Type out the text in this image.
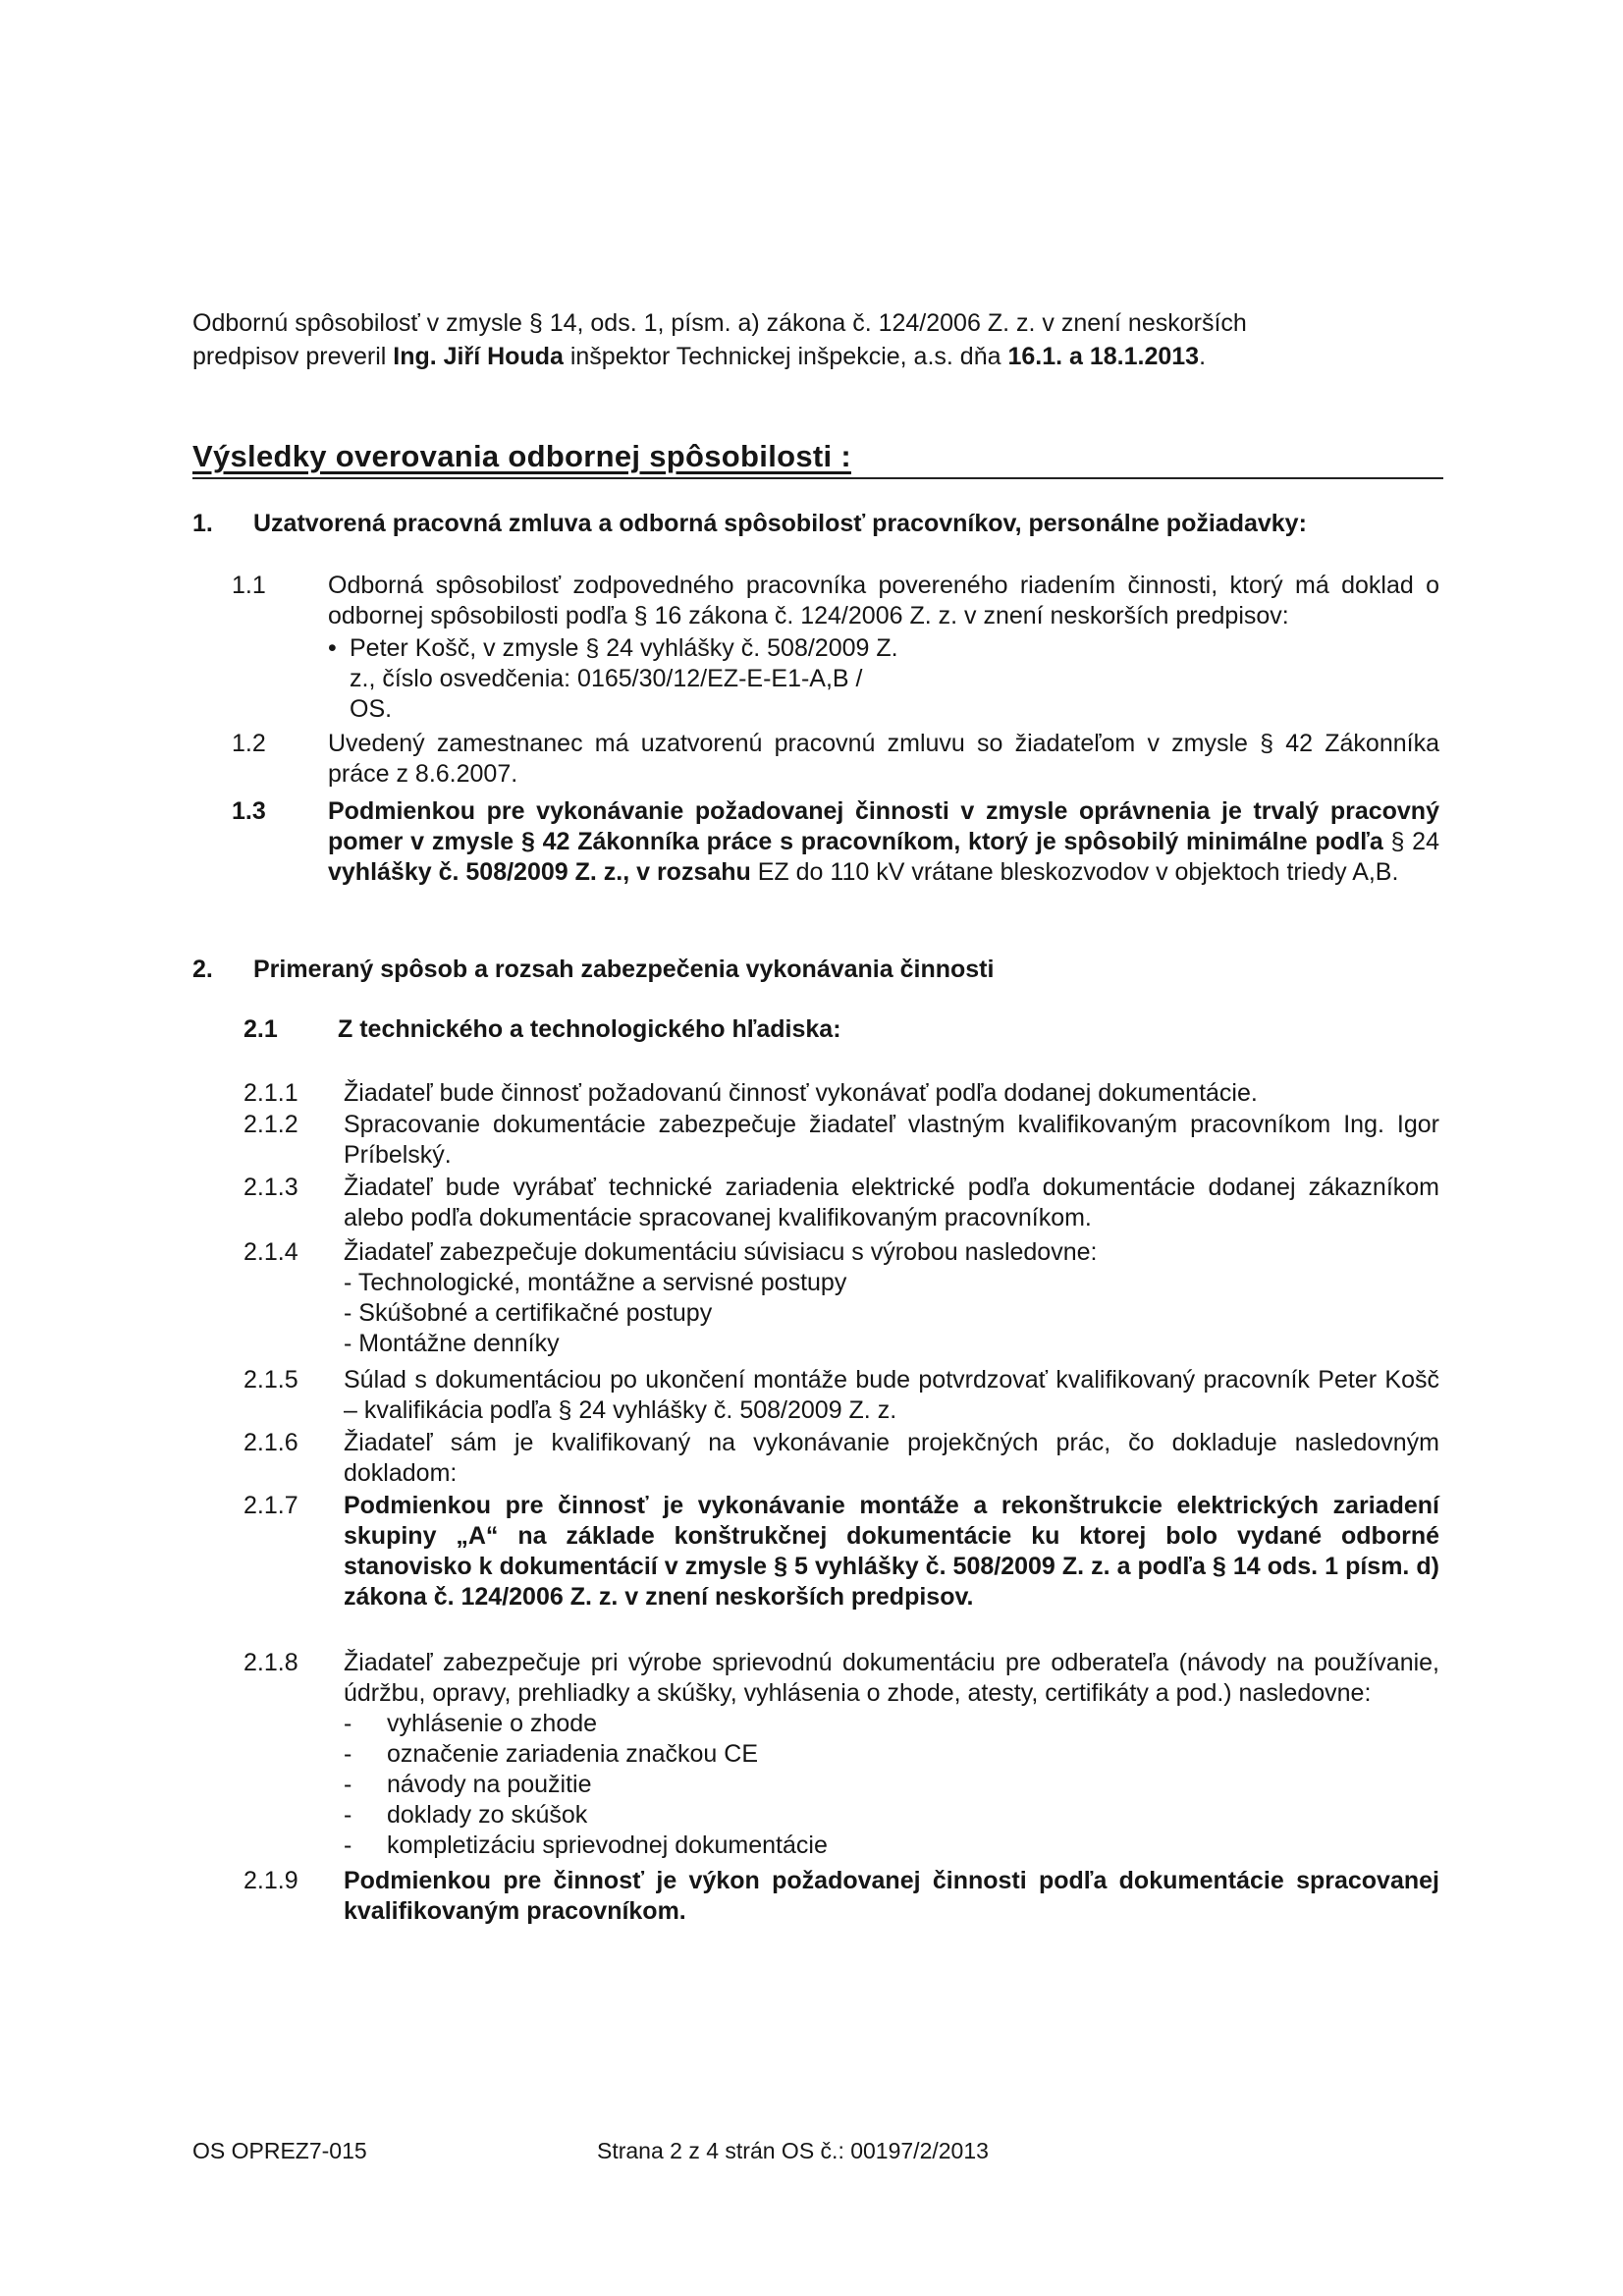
Odbornú spôsobilosť v zmysle § 14, ods. 1, písm. a) zákona č. 124/2006 Z. z. v znení neskorších
predpisov preveril Ing. Jiří Houda inšpektor Technickej inšpekcie, a.s. dňa 16.1. a 18.1.2013.
Výsledky overovania odbornej spôsobilosti :
1. Uzatvorená pracovná zmluva a odborná spôsobilosť pracovníkov, personálne požiadavky:
1.1	Odborná spôsobilosť zodpovedného pracovníka povereného riadením činnosti, ktorý má doklad o odbornej spôsobilosti podľa § 16 zákona č. 124/2006 Z. z. v znení neskorších predpisov:
• Peter Košč, v zmysle § 24 vyhlášky č. 508/2009 Z. z., číslo osvedčenia: 0165/30/12/EZ-E-E1-A,B / OS.
1.2	Uvedený zamestnanec má uzatvorenú pracovnú zmluvu so žiadateľom v zmysle § 42 Zákonníka práce z 8.6.2007.
1.3	Podmienkou pre vykonávanie požadovanej činnosti v zmysle oprávnenia je trvalý pracovný pomer v zmysle § 42 Zákonníka práce s pracovníkom, ktorý je spôsobilý minimálne podľa § 24 vyhlášky č. 508/2009 Z. z., v rozsahu EZ do 110 kV vrátane bleskozvodov v objektoch triedy A,B.
2. Primeraný spôsob a rozsah zabezpečenia vykonávania činnosti
2.1 Z technického a technologického hľadiska:
2.1.1	Žiadateľ bude činnosť požadovanú činnosť vykonávať podľa dodanej dokumentácie.
2.1.2	Spracovanie dokumentácie zabezpečuje žiadateľ vlastným kvalifikovaným pracovníkom Ing. Igor Príbelský.
2.1.3	Žiadateľ bude vyrábať technické zariadenia elektrické podľa dokumentácie dodanej zákazníkom alebo podľa dokumentácie spracovanej kvalifikovaným pracovníkom.
2.1.4	Žiadateľ zabezpečuje dokumentáciu súvisiacu s výrobou nasledovne:
- Technologické, montážne a servisné postupy
- Skúšobné a certifikačné postupy
- Montážne denníky
2.1.5	Súlad s dokumentáciou po ukončení montáže bude potvrdzovať kvalifikovaný pracovník Peter Košč – kvalifikácia podľa § 24 vyhlášky č. 508/2009 Z. z.
2.1.6	Žiadateľ sám je kvalifikovaný na vykonávanie projekčných prác, čo dokladuje nasledovným dokladom:
2.1.7	Podmienkou pre činnosť je vykonávanie montáže a rekonštrukcie elektrických zariadení skupiny „A“ na základe konštrukčnej dokumentácie ku ktorej bolo vydané odborné stanovisko k dokumentácií v zmysle § 5 vyhlášky č. 508/2009 Z. z. a podľa § 14 ods. 1 písm. d) zákona č. 124/2006 Z. z. v znení neskorších predpisov.
2.1.8	Žiadateľ zabezpečuje pri výrobe sprievodnú dokumentáciu pre odberateľa (návody na používanie, údržbu, opravy, prehliadky a skúšky, vyhlásenia o zhode, atesty, certifikáty a pod.) nasledovne:
-	vyhlásenie o zhode
-	označenie zariadenia značkou CE
-	návody na použitie
-	doklady zo skúšok
-	kompletizáciu sprievodnej dokumentácie
2.1.9	Podmienkou pre činnosť je výkon požadovanej činnosti podľa dokumentácie spracovanej kvalifikovaným pracovníkom.
OS OPREZ7-015	Strana 2 z 4 strán OS č.: 00197/2/2013
